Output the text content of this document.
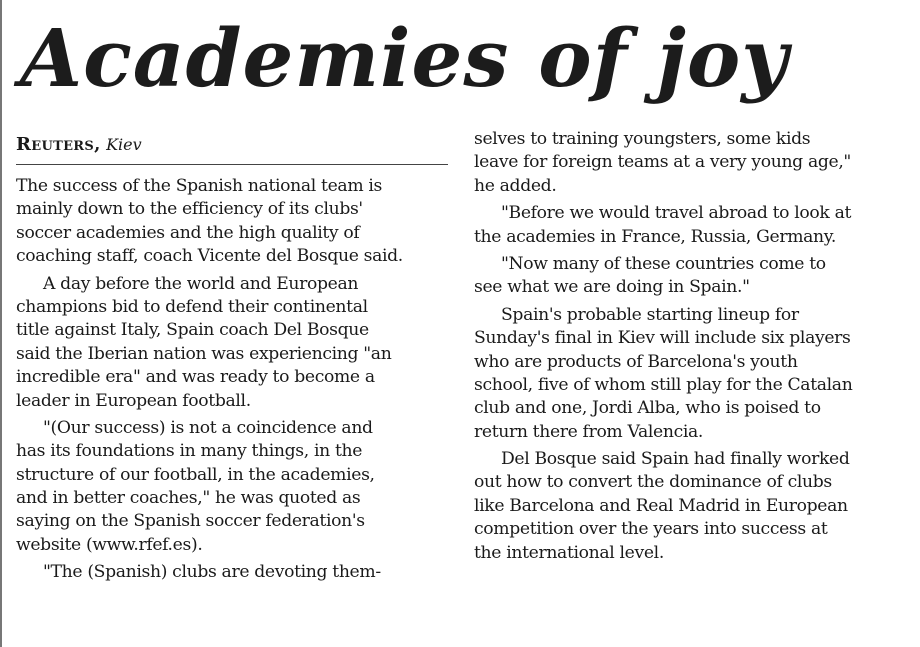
Academies of joy
Reuters, Kiev
The success of the Spanish national team is
mainly down to the efficiency of its clubs'
soccer academies and the high quality of
coaching staff, coach Vicente del Bosque said.
A day before the world and European
champions bid to defend their continental
title against Italy, Spain coach Del Bosque
said the Iberian nation was experiencing "an
incredible era" and was ready to become a
leader in European football.
"(Our success) is not a coincidence and
has its foundations in many things, in the
structure of our football, in the academies,
and in better coaches," he was quoted as
saying on the Spanish soccer federation's
website (www.rfef.es).
"The (Spanish) clubs are devoting them-
selves to training youngsters, some kids
leave for foreign teams at a very young age,"
he added.
"Before we would travel abroad to look at
the academies in France, Russia, Germany.
"Now many of these countries come to
see what we are doing in Spain."
Spain's probable starting lineup for
Sunday's final in Kiev will include six players
who are products of Barcelona's youth
school, five of whom still play for the Catalan
club and one, Jordi Alba, who is poised to
return there from Valencia.
Del Bosque said Spain had finally worked
out how to convert the dominance of clubs
like Barcelona and Real Madrid in European
competition over the years into success at
the international level.
